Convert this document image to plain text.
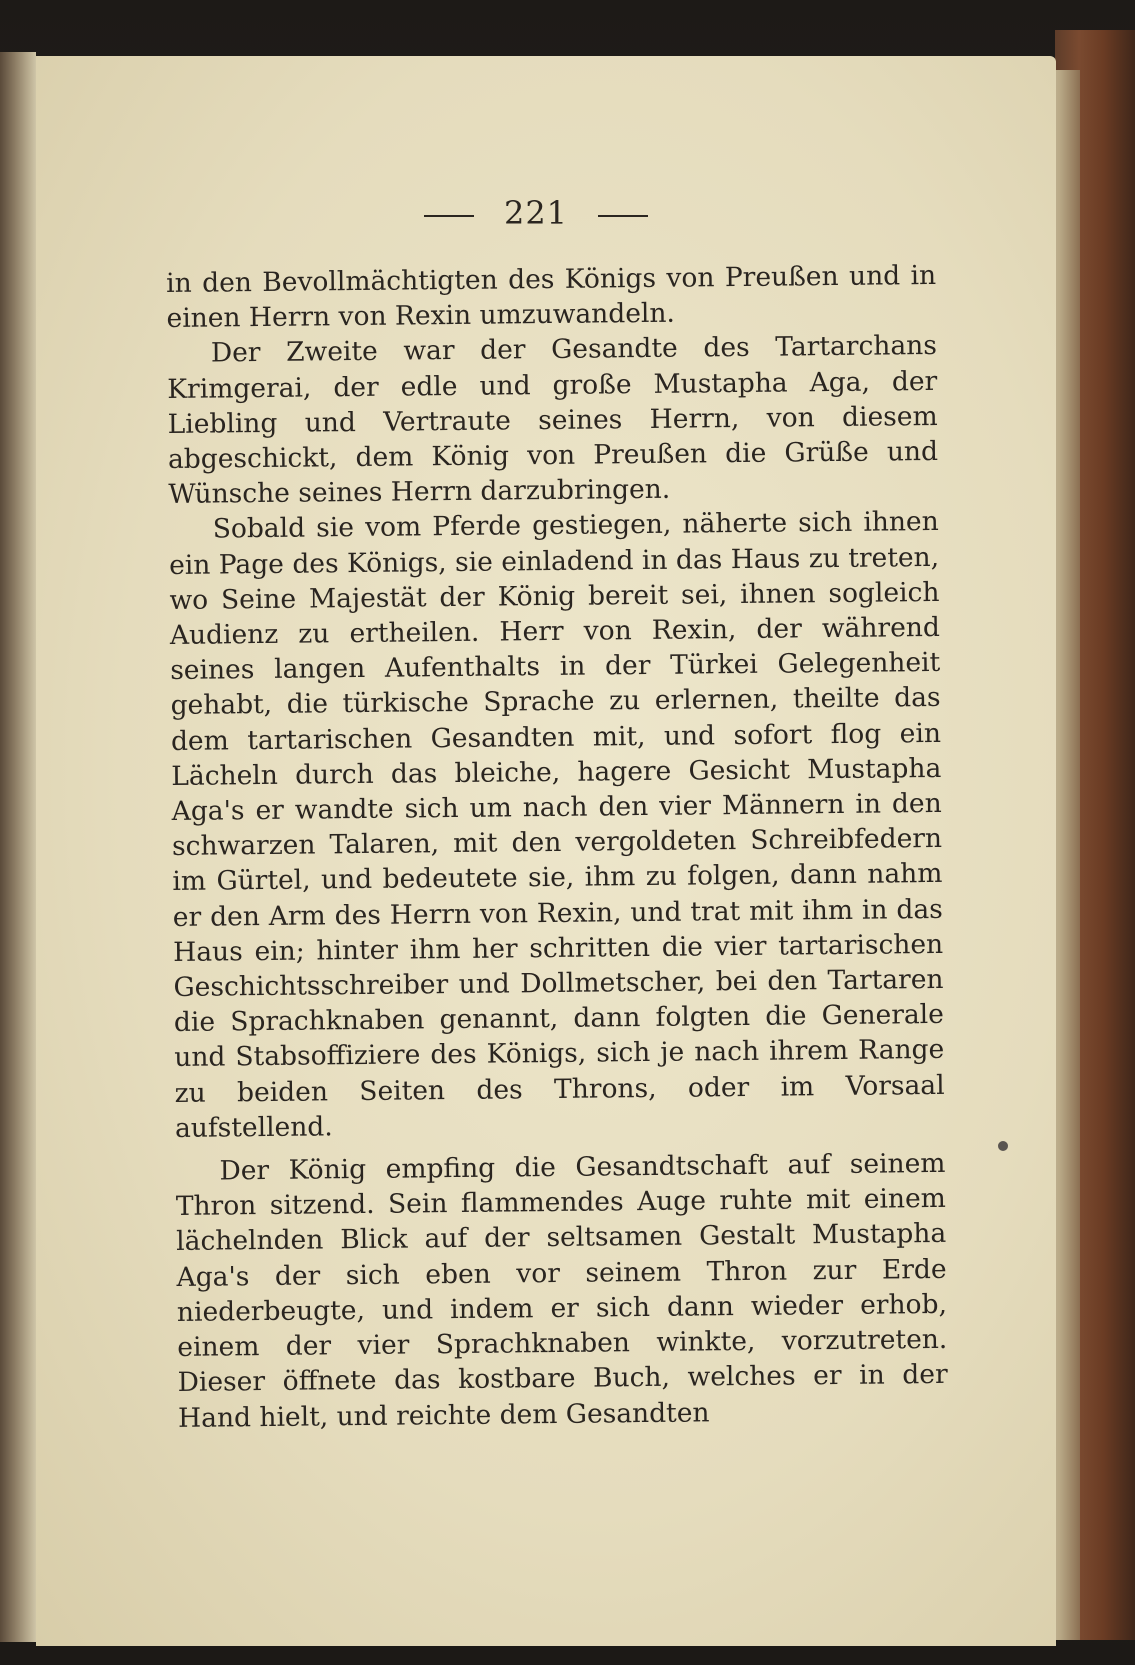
221

in den Bevollmächtigten des Königs von Preußen und in einen Herrn von Rexin umzuwandeln.

Der Zweite war der Gesandte des Tartarchans Krimgerai, der edle und große Mustapha Aga, der Liebling und Vertraute seines Herrn, von diesem abgeschickt, dem König von Preußen die Grüße und Wünsche seines Herrn darzubringen.

Sobald sie vom Pferde gestiegen, näherte sich ihnen ein Page des Königs, sie einladend in das Haus zu treten, wo Seine Majestät der König bereit sei, ihnen sogleich Audienz zu ertheilen. Herr von Rexin, der während seines langen Aufenthalts in der Türkei Gelegenheit gehabt, die türkische Sprache zu erlernen, theilte das dem tartarischen Gesandten mit, und sofort flog ein Lächeln durch das bleiche, hagere Gesicht Mustapha Aga's er wandte sich um nach den vier Männern in den schwarzen Talaren, mit den vergoldeten Schreibfedern im Gürtel, und bedeutete sie, ihm zu folgen, dann nahm er den Arm des Herrn von Rexin, und trat mit ihm in das Haus ein; hinter ihm her schritten die vier tartarischen Geschichtsschreiber und Dollmetscher, bei den Tartaren die Sprachknaben genannt, dann folgten die Generale und Stabsoffiziere des Königs, sich je nach ihrem Range zu beiden Seiten des Throns, oder im Vorsaal aufstellend.

Der König empfing die Gesandtschaft auf seinem Thron sitzend. Sein flammendes Auge ruhte mit einem lächelnden Blick auf der seltsamen Gestalt Mustapha Aga's der sich eben vor seinem Thron zur Erde niederbeugte, und indem er sich dann wieder erhob, einem der vier Sprachknaben winkte, vorzutreten. Dieser öffnete das kostbare Buch, welches er in der Hand hielt, und reichte dem Gesandten
